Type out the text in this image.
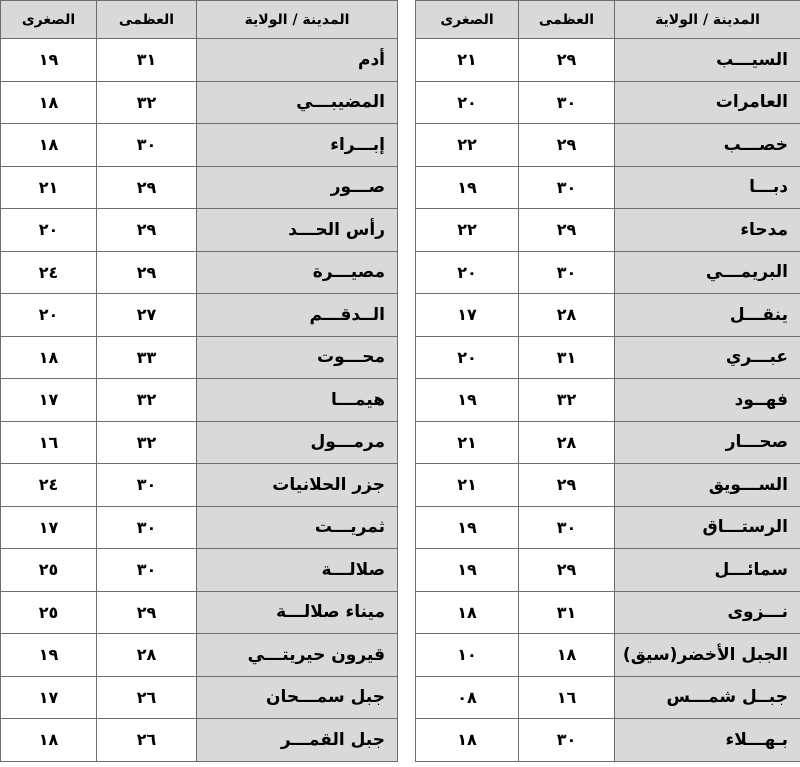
المدينة / الولاية	العظمى	الصغرى
أدم	٣١	١٩
المضيبـــي	٣٢	١٨
إبـــراء	٣٠	١٨
صـــور	٢٩	٢١
رأس الحـــد	٢٩	٢٠
مصيـــرة	٢٩	٢٤
الــدقـــم	٢٧	٢٠
محـــوت	٣٣	١٨
هيمـــا	٣٢	١٧
مرمـــول	٣٢	١٦
جزر الحلانيات	٣٠	٢٤
ثمريـــت	٣٠	١٧
صلالـــة	٣٠	٢٥
ميناء صلالـــة	٢٩	٢٥
قيرون حيريتـــي	٢٨	١٩
جبل سمـــحان	٢٦	١٧
جبل القمـــر	٢٦	١٨
المدينة / الولاية	العظمى	الصغرى
السيـــب	٢٩	٢١
العامرات	٣٠	٢٠
خصـــب	٢٩	٢٢
دبـــا	٣٠	١٩
مدحاء	٢٩	٢٢
البريمـــي	٣٠	٢٠
ينقـــل	٢٨	١٧
عبـــري	٣١	٢٠
فهــود	٣٢	١٩
صحـــار	٢٨	٢١
الســـويق	٢٩	٢١
الرستـــاق	٣٠	١٩
سمائـــل	٢٩	١٩
نـــزوى	٣١	١٨
الجبل الأخضر(سيق)	١٨	١٠
جبــل شمـــس	١٦	٠٨
بـهـــلاء	٣٠	١٨
